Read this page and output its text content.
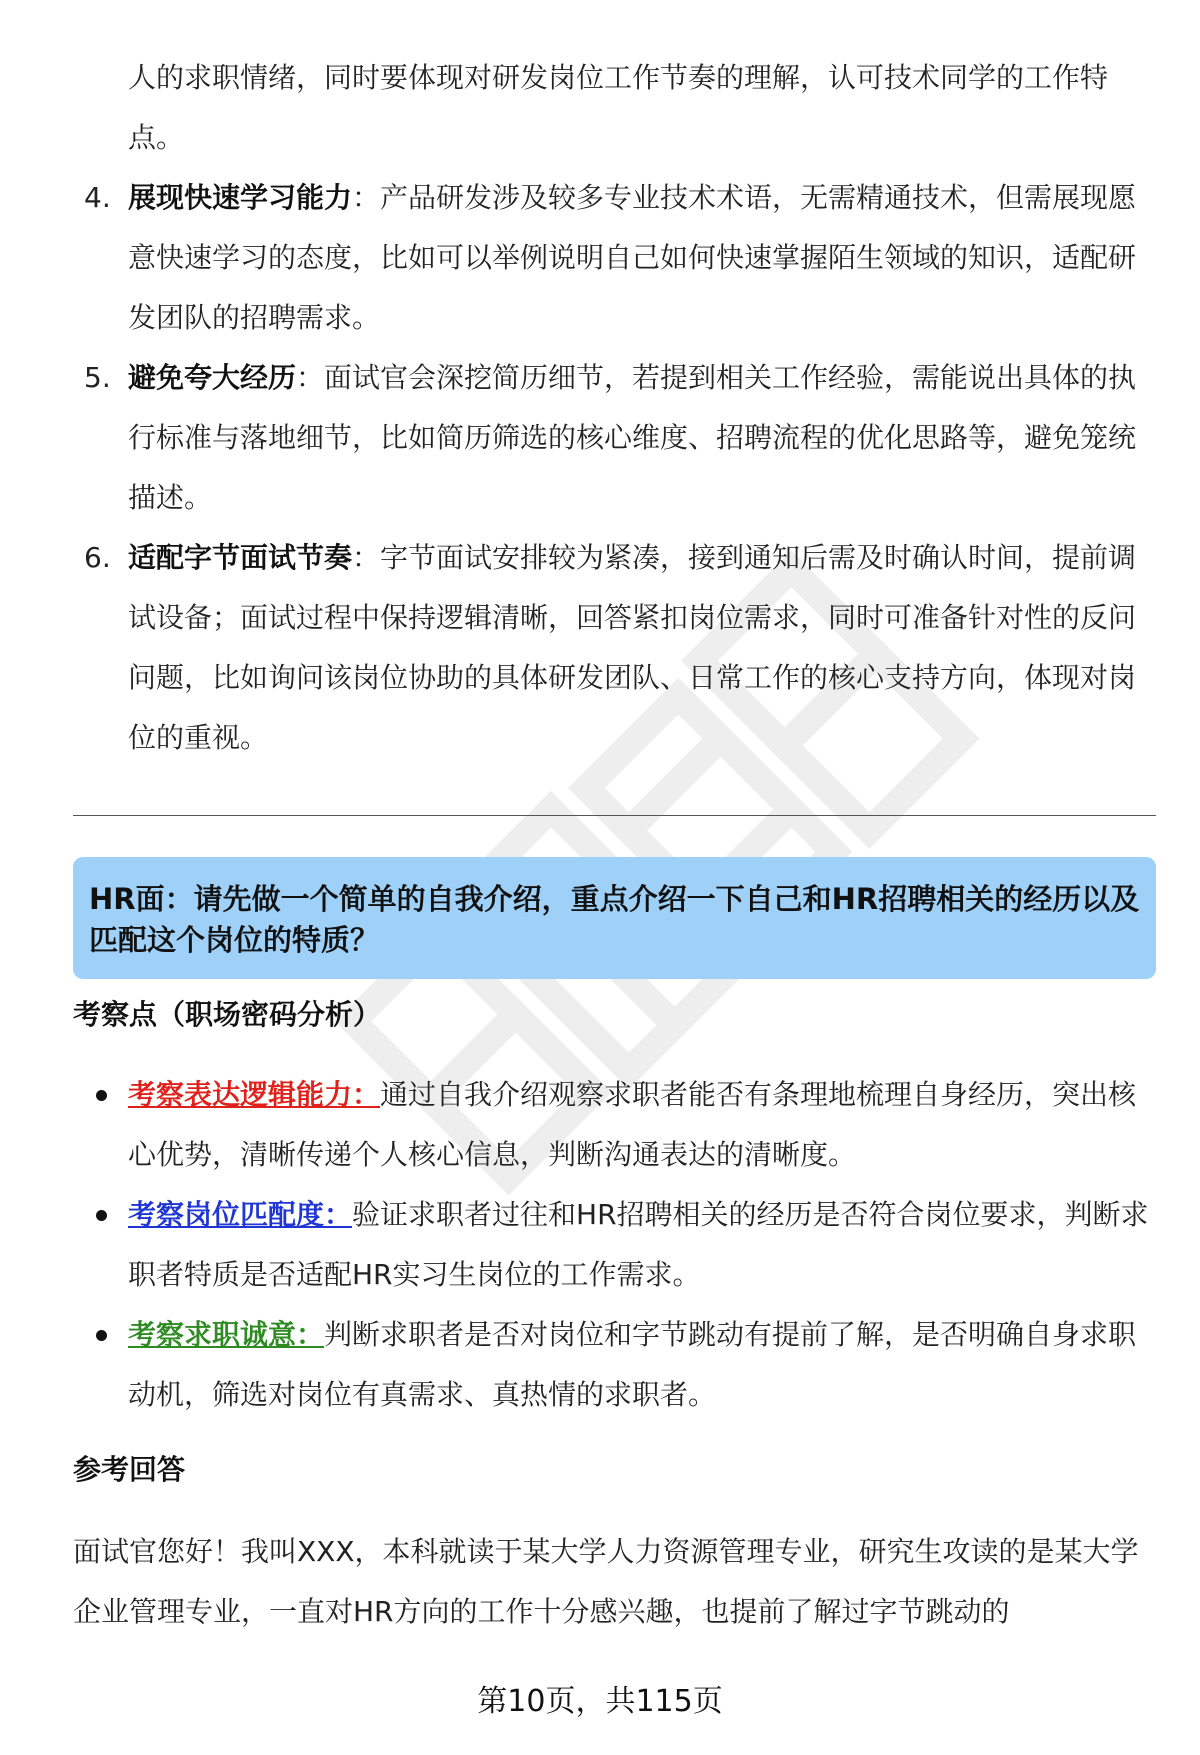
人的求职情绪，同时要体现对研发岗位工作节奏的理解，认可技术同学的工作特点。

4. 展现快速学习能力：产品研发涉及较多专业技术术语，无需精通技术，但需展现愿意快速学习的态度，比如可以举例说明自己如何快速掌握陌生领域的知识，适配研发团队的招聘需求。
5. 避免夸大经历：面试官会深挖简历细节，若提到相关工作经验，需能说出具体的执行标准与落地细节，比如简历筛选的核心维度、招聘流程的优化思路等，避免笼统描述。
6. 适配字节面试节奏：字节面试安排较为紧凑，接到通知后需及时确认时间，提前调试设备；面试过程中保持逻辑清晰，回答紧扣岗位需求，同时可准备针对性的反问问题，比如询问该岗位协助的具体研发团队、日常工作的核心支持方向，体现对岗位的重视。

HR面：请先做一个简单的自我介绍，重点介绍一下自己和HR招聘相关的经历以及匹配这个岗位的特质？

考察点（职场密码分析）
考察表达逻辑能力：通过自我介绍观察求职者能否有条理地梳理自身经历，突出核心优势，清晰传递个人核心信息，判断沟通表达的清晰度。
考察岗位匹配度：验证求职者过往和HR招聘相关的经历是否符合岗位要求，判断求职者特质是否适配HR实习生岗位的工作需求。
考察求职诚意：判断求职者是否对岗位和字节跳动有提前了解，是否明确自身求职动机，筛选对岗位有真需求、真热情的求职者。
参考回答

面试官您好！我叫XXX，本科就读于某大学人力资源管理专业，研究生攻读的是某大学企业管理专业，一直对HR方向的工作十分感兴趣，也提前了解过字节跳动的

第10页，共115页
